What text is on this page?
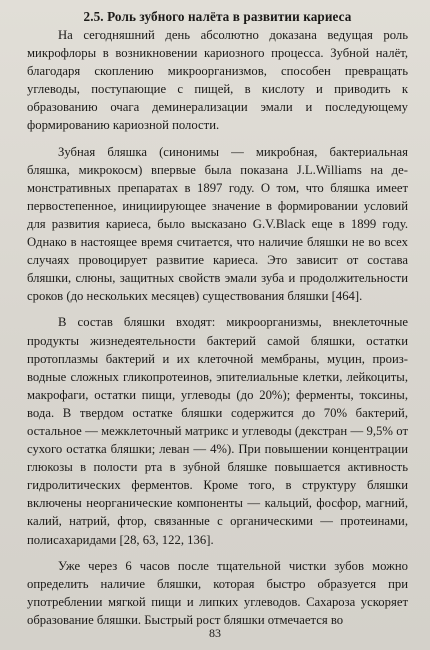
2.5. Роль зубного налёта в развитии кариеса

На сегодняшний день абсолютно доказана ведущая роль микрофлоры в возникновении кариозного процесса. Зубной налёт, благодаря скоплению микроорганизмов, способен превращать углеводы, поступающие с пищей, в кислоту и приводить к образованию очага деминерализации эмали и последующему формированию кариозной полости.

Зубная бляшка (синонимы — микробная, бактериальная бляшка, микрокосм) впервые была показана J.L.Williams на демонстративных препаратах в 1897 году. О том, что бляшка имеет первостепенное, инициирующее значение в формировании условий для развития кариеса, было высказано G.V.Black еще в 1899 году. Однако в настоящее время считается, что наличие бляшки не во всех случаях провоцирует развитие кариеса. Это зависит от состава бляшки, слюны, защитных свойств эмали зуба и продолжительности сроков (до нескольких месяцев) существования бляшки [464].

В состав бляшки входят: микроорганизмы, внеклеточные продукты жизнедеятельности бактерий самой бляшки, остатки протоплазмы бактерий и их клеточной мембраны, муцин, производные сложных гликопротеинов, эпителиальные клетки, лейкоциты, макрофаги, остатки пищи, углеводы (до 20%); ферменты, токсины, вода. В твердом остатке бляшки содержится до 70% бактерий, остальное — межклеточный матрикс и углеводы (декстран — 9,5% от сухого остатка бляшки; леван — 4%). При повышении концентрации глюкозы в полости рта в зубной бляшке повышается активность гидролитических ферментов. Кроме того, в структуру бляшки включены неорганические компоненты — кальций, фосфор, магний, калий, натрий, фтор, связанные с органическими — протеинами, полисахаридами [28, 63, 122, 136].

Уже через 6 часов после тщательной чистки зубов можно определить наличие бляшки, которая быстро образуется при употреблении мягкой пищи и липких углеводов. Сахароза ускоряет образование бляшки. Быстрый рост бляшки отмечается во

83
